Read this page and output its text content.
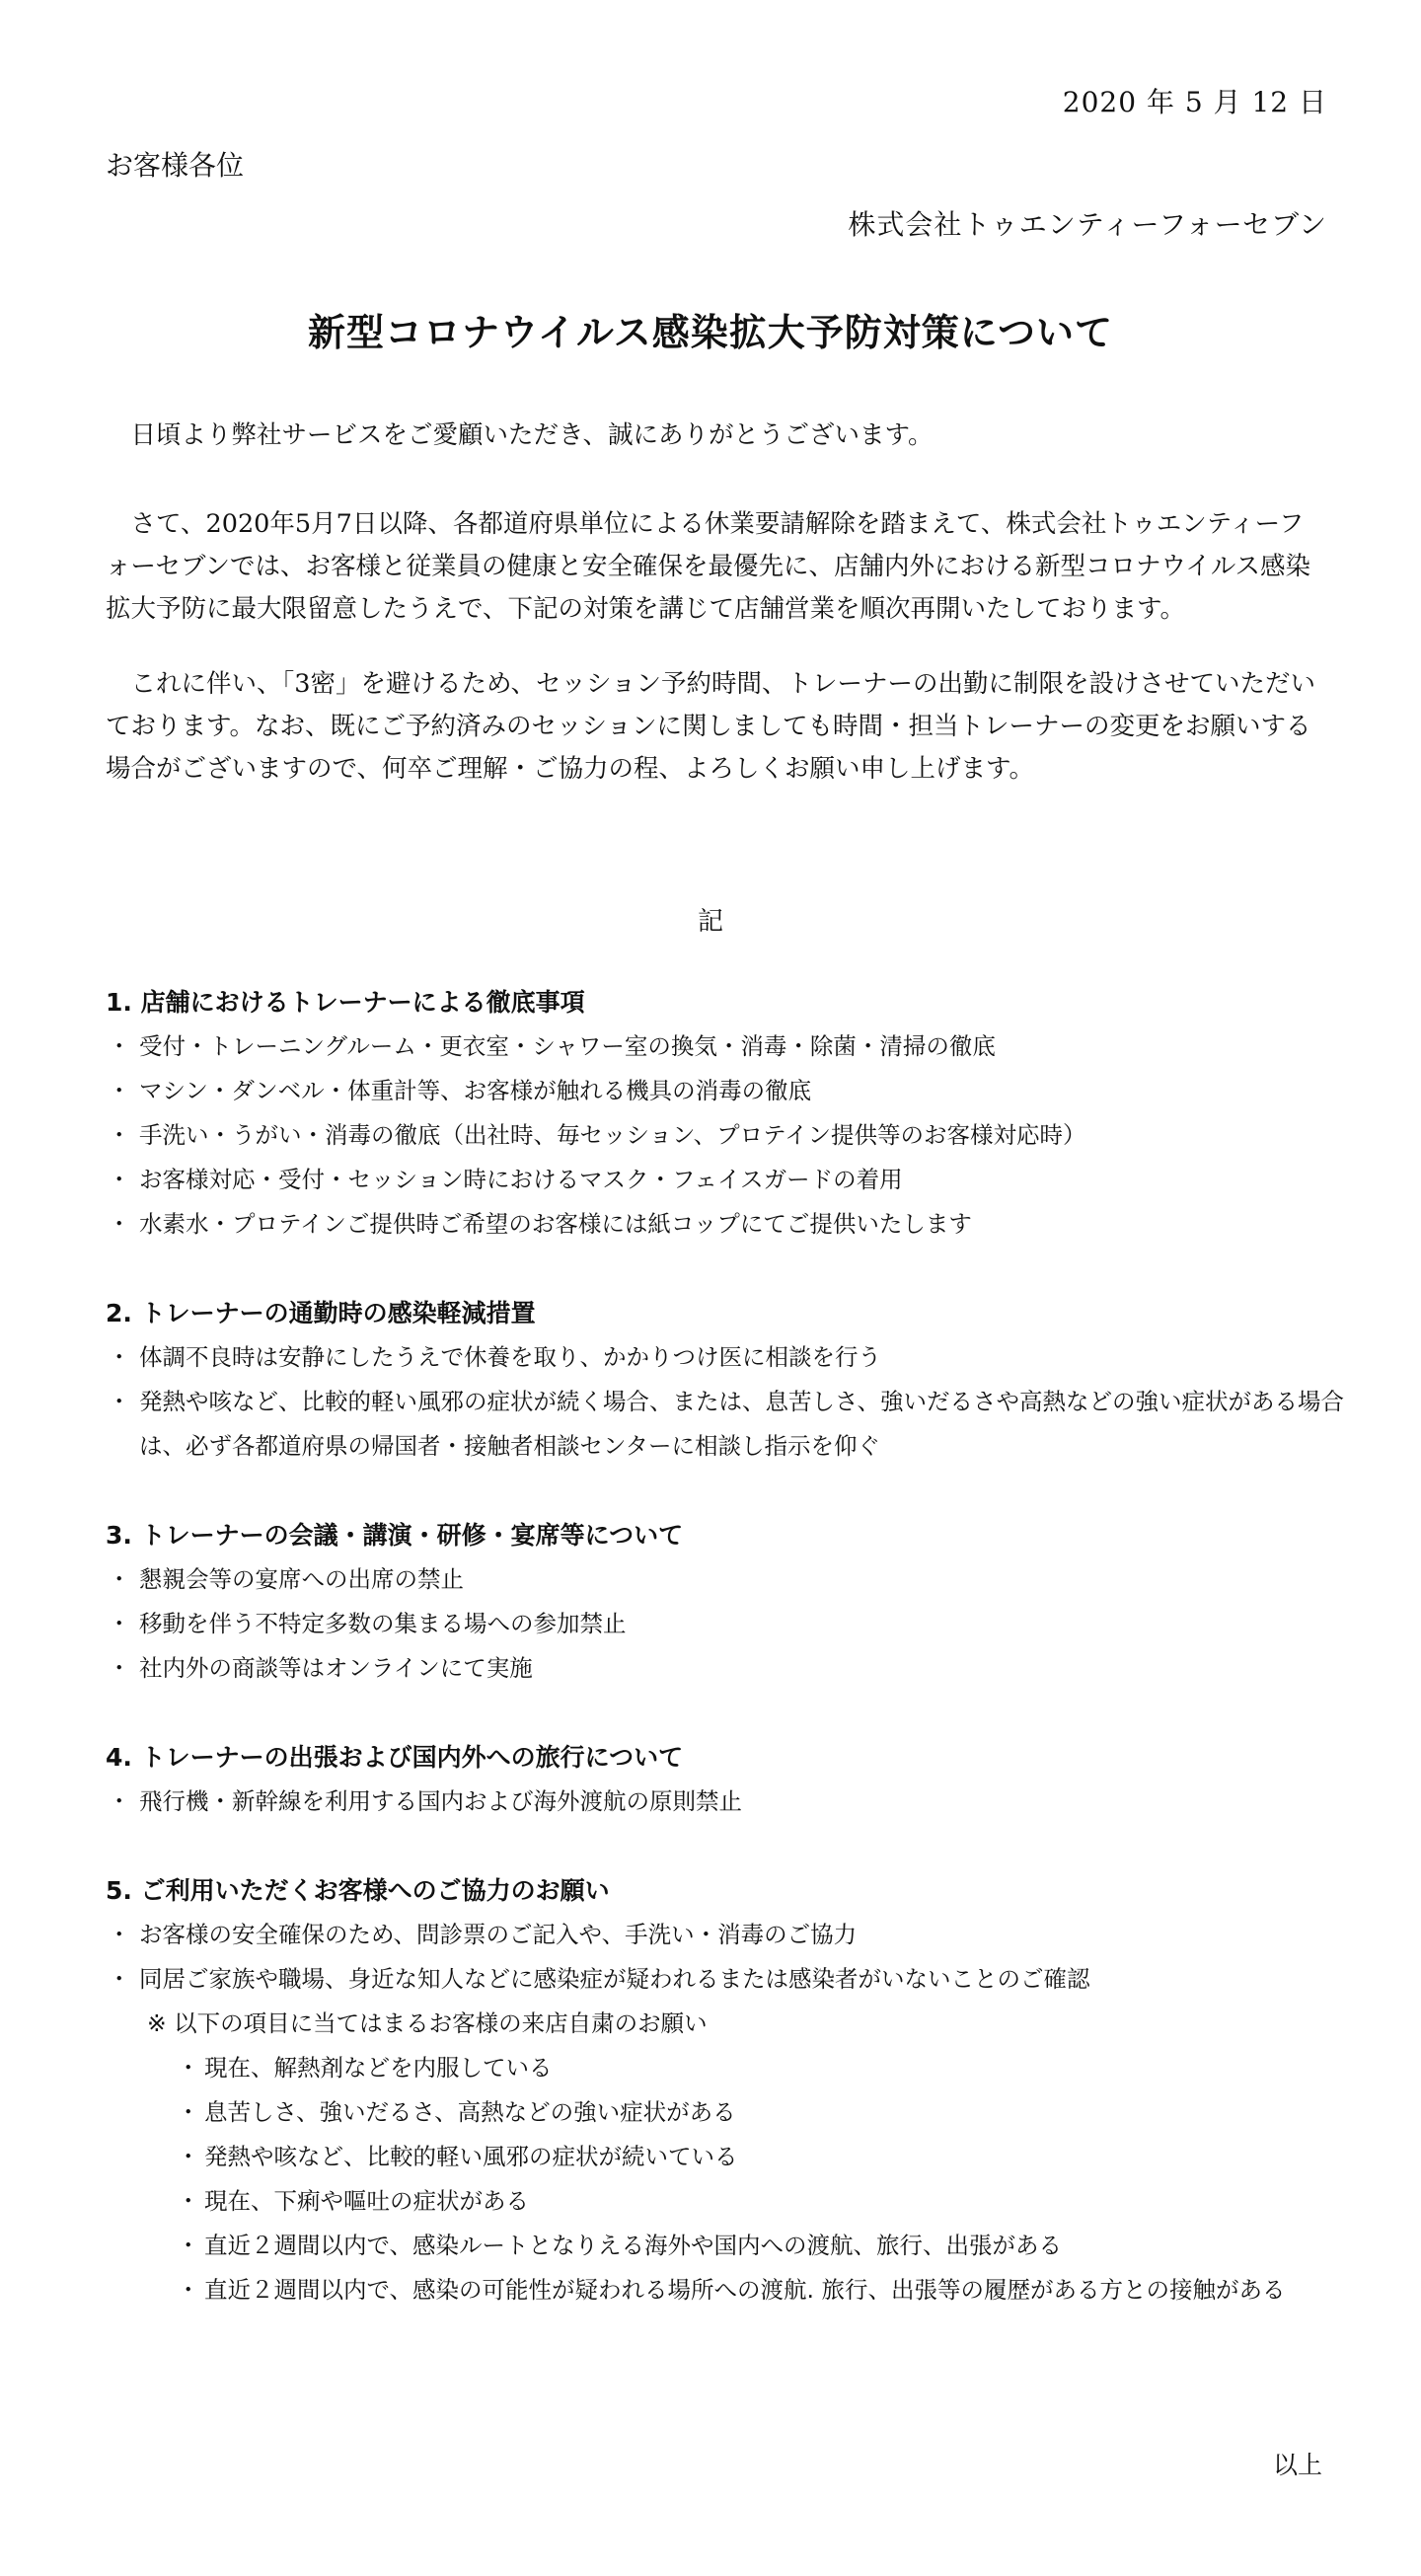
2020 年 5 月 12 日
お客様各位
株式会社トゥエンティーフォーセブン
新型コロナウイルス感染拡大予防対策について
日頃より弊社サービスをご愛顧いただき、誠にありがとうございます。
さて、2020年5月7日以降、各都道府県単位による休業要請解除を踏まえて、株式会社トゥエンティーフォーセブンでは、お客様と従業員の健康と安全確保を最優先に、店舗内外における新型コロナウイルス感染拡大予防に最大限留意したうえで、下記の対策を講じて店舗営業を順次再開いたしております。
これに伴い、「3密」を避けるため、セッション予約時間、トレーナーの出勤に制限を設けさせていただいております。なお、既にご予約済みのセッションに関しましても時間・担当トレーナーの変更をお願いする場合がございますので、何卒ご理解・ご協力の程、よろしくお願い申し上げます。
記
1. 店舗におけるトレーナーによる徹底事項
・ 受付・トレーニングルーム・更衣室・シャワー室の換気・消毒・除菌・清掃の徹底
・ マシン・ダンベル・体重計等、お客様が触れる機具の消毒の徹底
・ 手洗い・うがい・消毒の徹底（出社時、毎セッション、プロテイン提供等のお客様対応時）
・ お客様対応・受付・セッション時におけるマスク・フェイスガードの着用
・ 水素水・プロテインご提供時ご希望のお客様には紙コップにてご提供いたします
2. トレーナーの通勤時の感染軽減措置
・ 体調不良時は安静にしたうえで休養を取り、かかりつけ医に相談を行う
・ 発熱や咳など、比較的軽い風邪の症状が続く場合、または、息苦しさ、強いだるさや高熱などの強い症状がある場合は、必ず各都道府県の帰国者・接触者相談センターに相談し指示を仰ぐ
3. トレーナーの会議・講演・研修・宴席等について
・ 懇親会等の宴席への出席の禁止
・ 移動を伴う不特定多数の集まる場への参加禁止
・ 社内外の商談等はオンラインにて実施
4. トレーナーの出張および国内外への旅行について
・ 飛行機・新幹線を利用する国内および海外渡航の原則禁止
5. ご利用いただくお客様へのご協力のお願い
・ お客様の安全確保のため、問診票のご記入や、手洗い・消毒のご協力
・ 同居ご家族や職場、身近な知人などに感染症が疑われるまたは感染者がいないことのご確認
※ 以下の項目に当てはまるお客様の来店自粛のお願い
・ 現在、解熱剤などを内服している
・ 息苦しさ、強いだるさ、高熱などの強い症状がある
・ 発熱や咳など、比較的軽い風邪の症状が続いている
・ 現在、下痢や嘔吐の症状がある
・ 直近２週間以内で、感染ルートとなりえる海外や国内への渡航、旅行、出張がある
・ 直近２週間以内で、感染の可能性が疑われる場所への渡航. 旅行、出張等の履歴がある方との接触がある
以上
